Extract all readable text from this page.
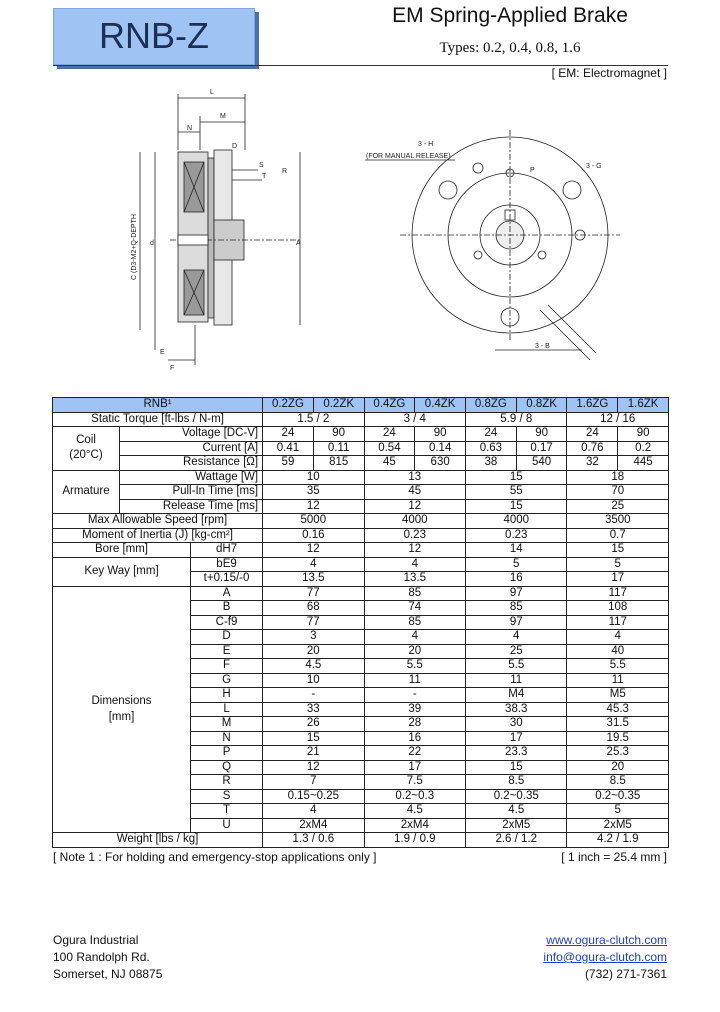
RNB-Z	EM Spring-Applied Brake
Types: 0.2, 0.4, 0.8, 1.6
[ EM: Electromagnet ]
L
M
N
D
T
R
S
C (D3-M2+Q-DEPTH	A
d
E
F
P
(FOR MANUAL RELEASE)
3 - H
3 - B
3 - G
RNB¹			0.2ZG	0.2ZK	0.4ZG	0.4ZK	0.8ZG	0.8ZK	1.6ZG	1.6ZK
Static Torque [ft-lbs / N-m]			1.5 / 2		3 / 4		5.9 / 8		12 / 16	

Coil
(20°C)	Voltage [DC-V]		24	90	24	90	24	90	24	90
	Current [A]		0.41	0.11	0.54	0.14	0.63	0.17	0.76	0.2
	Resistance [Ω]		59	815	45	630	38	540	32	445
Armature	Wattage [W]		10		13		15		18	
	Pull-In Time [ms]		35		45		55		70	
	Release Time [ms]		12		12		15		25	
Max Allowable Speed [rpm]			5000		4000		4000		3500	
Moment of Inertia (J) [kg-cm²]			0.16		0.23		0.23		0.7	
Bore [mm]		dH7	12		12		14		15	
Key Way [mm]		bE9	4		4		5		5	
		t+0.15/-0	13.5		13.5		16		17	

Dimensions
[mm]		A	77		85		97		117	
		B	68		74		85		108	
		C-f9	77		85		97		117	
		D	3		4		4		4	
		E	20		20		25		40	
		F	4.5		5.5		5.5		5.5	
		G	10		11		11		11	
		H	-		-		M4		M5	
		L	33		39		38.3		45.3	
		M	26		28		30		31.5	
		N	15		16		17		19.5	
		P	21		22		23.3		25.3	
		Q	12		17		15		20	
		R	7		7.5		8.5		8.5	
		S	0.15~0.25		0.2~0.3		0.2~0.35		0.2~0.35	
		T	4		4.5		4.5		5	
		U	2xM4		2xM4		2xM5		2xM5	
Weight [lbs / kg]			1.3 / 0.6		1.9 / 0.9		2.6 / 1.2		4.2 / 1.9	
[ Note 1 : For holding and emergency-stop applications only ]	[ 1 inch = 25.4 mm ]
Ogura Industrial
100 Randolph Rd.
Somerset, NJ 08875
www.ogura-clutch.com
info@ogura-clutch.com
(732) 271-7361
